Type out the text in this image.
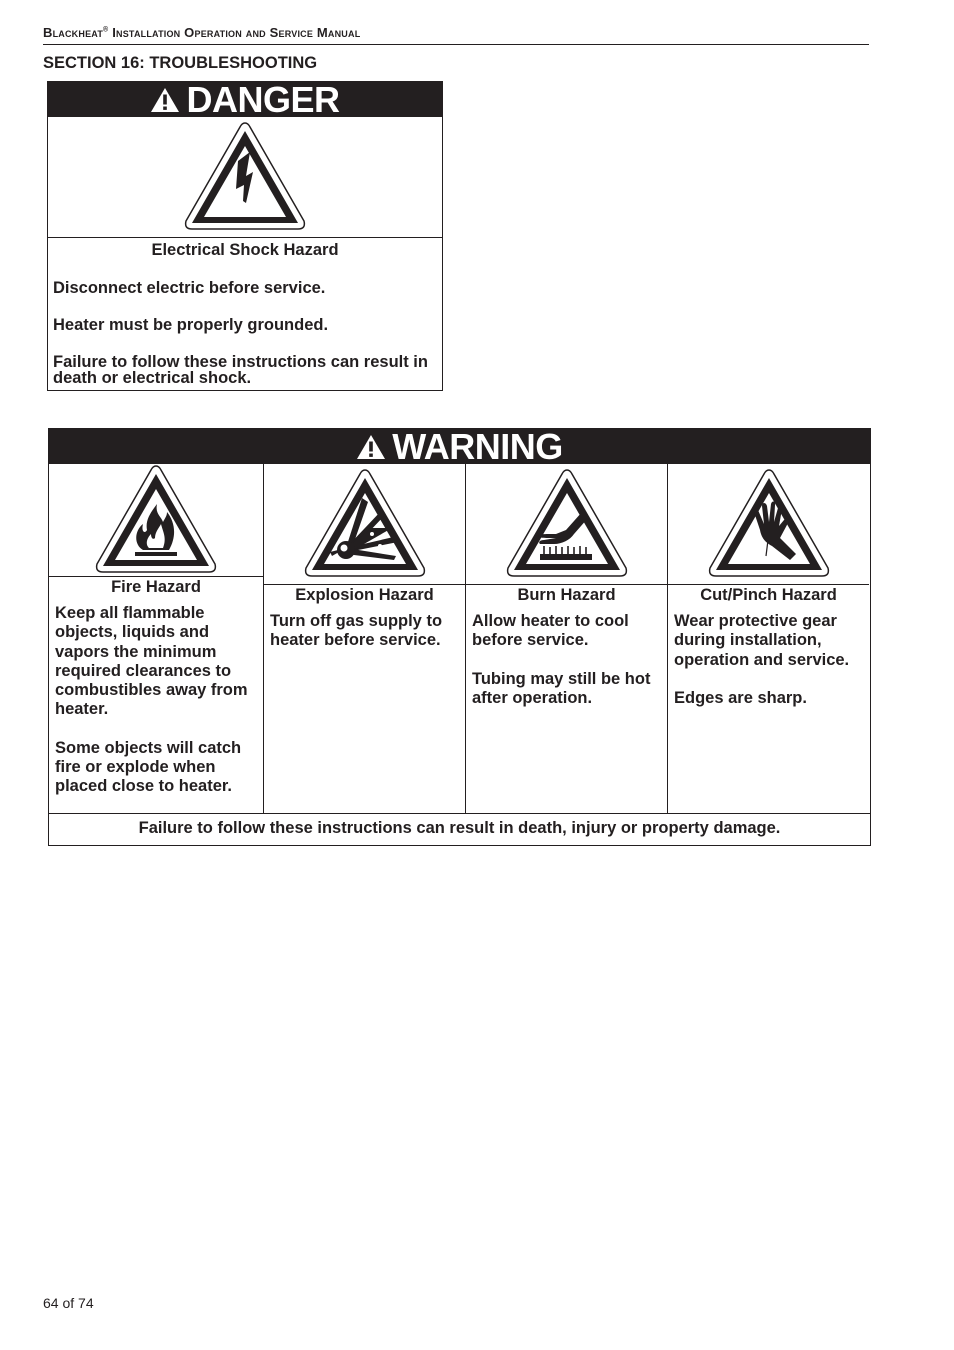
Blackheat® Installation Operation and Service Manual
SECTION 16: TROUBLESHOOTING
DANGER
Electrical Shock Hazard

Disconnect electric before service.

Heater must be properly grounded.

Failure to follow these instructions can result in death or electrical shock.

WARNING
Fire Hazard

Keep all flammable objects, liquids and vapors the minimum required clearances to combustibles away from heater.

Some objects will catch fire or explode when placed close to heater.

Explosion Hazard

Turn off gas supply to heater before service.

Burn Hazard

Allow heater to cool before service.

Tubing may still be hot after operation.

Cut/Pinch Hazard

Wear protective gear during installation, operation and service.

Edges are sharp.

Failure to follow these instructions can result in death, injury or property damage.
64 of 74
